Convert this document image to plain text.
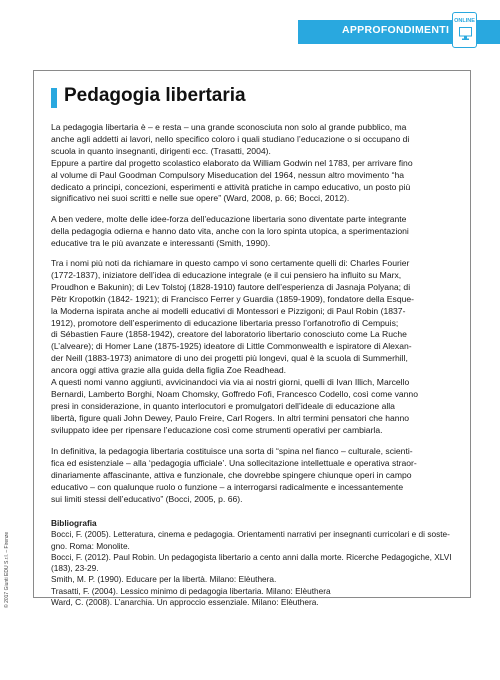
APPROFONDIMENTI
ONLINE
Pedagogia libertaria
La pedagogia libertaria è – e resta – una grande sconosciuta non solo al grande pubblico, ma
anche agli addetti ai lavori, nello specifico coloro i quali studiano l’educazione o si occupano di
scuola in quanto insegnanti, dirigenti ecc. (Trasatti, 2004).
Eppure a partire dal progetto scolastico elaborato da William Godwin nel 1783, per arrivare fino
al volume di Paul Goodman Compulsory Miseducation del 1964, nessun altro movimento “ha
dedicato a principi, concezioni, esperimenti e attività pratiche in campo educativo, un posto più
significativo nei suoi scritti e nelle sue opere” (Ward, 2008, p. 66; Bocci, 2012).
A ben vedere, molte delle idee-forza dell’educazione libertaria sono diventate parte integrante
della pedagogia odierna e hanno dato vita, anche con la loro spinta utopica, a sperimentazioni
educative tra le più avanzate e interessanti (Smith, 1990).
Tra i nomi più noti da richiamare in questo campo vi sono certamente quelli di: Charles Fourier
(1772-1837), iniziatore dell’idea di educazione integrale (e il cui pensiero ha influito su Marx,
Proudhon e Bakunin); di Lev Tolstoj (1828-1910) fautore dell’esperienza di Jasnaja Polyana; di
Pëtr Kropotkin (1842- 1921); di Francisco Ferrer y Guardia (1859-1909), fondatore della Esque-
la Moderna ispirata anche ai modelli educativi di Montessori e Pizzigoni; di Paul Robin (1837-
1912), promotore dell’esperimento di educazione libertaria presso l’orfanotrofio di Cempuis;
di Sébastien Faure (1858-1942), creatore del laboratorio libertario conosciuto come La Ruche
(L’alveare); di Homer Lane (1875-1925) ideatore di Little Commonwealth e ispiratore di Alexan-
der Neill (1883-1973) animatore di uno dei progetti più longevi, qual è la scuola di Summerhill,
ancora oggi attiva grazie alla guida della figlia Zoe Readhead.
A questi nomi vanno aggiunti, avvicinandoci via via ai nostri giorni, quelli di Ivan Illich, Marcello
Bernardi, Lamberto Borghi, Noam Chomsky, Goffredo Fofi, Francesco Codello, così come vanno
presi in considerazione, in quanto interlocutori e promulgatori dell’ideale di educazione alla
libertà, figure quali John Dewey, Paulo Freire, Carl Rogers. In altri termini pensatori che hanno
sviluppato idee per ripensare l’educazione così come strumenti operativi per cambiarla.
In definitiva, la pedagogia libertaria costituisce una sorta di “spina nel fianco – culturale, scienti-
fica ed esistenziale – alla ‘pedagogia ufficiale’. Una sollecitazione intellettuale e operativa straor-
dinariamente affascinante, attiva e funzionale, che dovrebbe spingere chiunque operi in campo
educativo – con qualunque ruolo o funzione – a interrogarsi radicalmente e incessantemente
sui limiti stessi dell’educativo” (Bocci, 2005, p. 66).
Bibliografia
Bocci, F. (2005). Letteratura, cinema e pedagogia. Orientamenti narrativi per insegnanti curricolari e di soste-
gno. Roma: Monolite.
Bocci, F. (2012). Paul Robin. Un pedagogista libertario a cento anni dalla morte. Ricerche Pedagogiche, XLVI
(183), 23-29.
Smith, M. P. (1990). Educare per la libertà. Milano: Elèuthera.
Trasatti, F. (2004). Lessico minimo di pedagogia libertaria. Milano: Elèuthera
Ward, C. (2008). L’anarchia. Un approccio essenziale. Milano: Elèuthera.
© 2017 Giunti EDU S.r.l. – Firenze
